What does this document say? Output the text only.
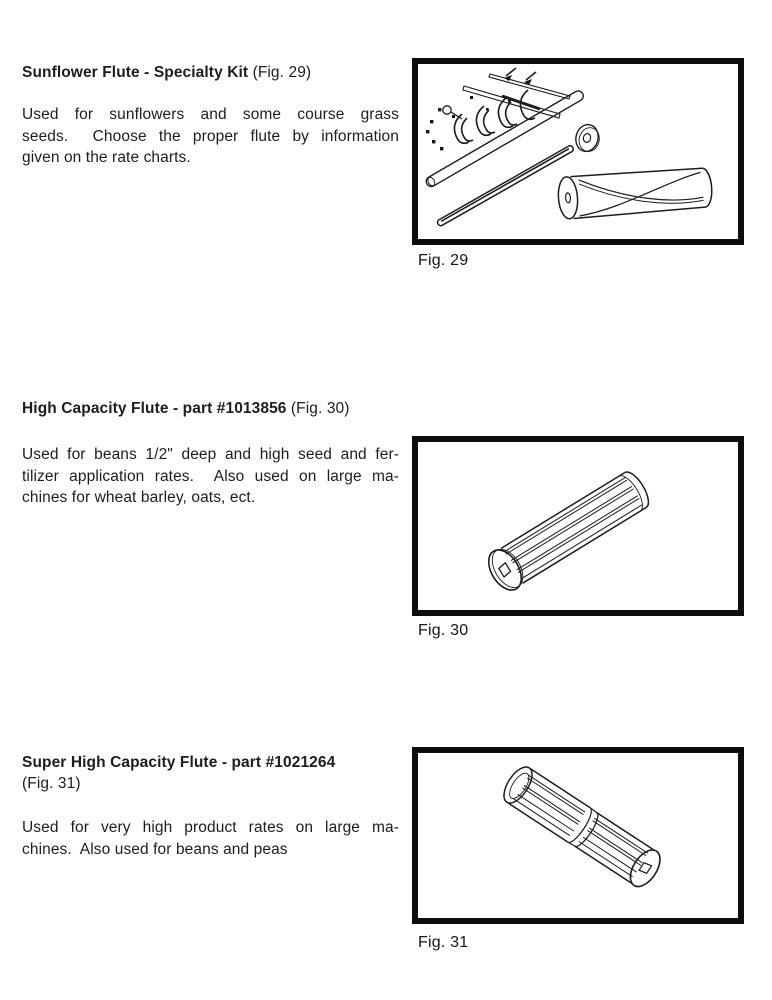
Sunflower Flute - Specialty Kit (Fig. 29)
Used for sunflowers and some course grass
seeds.  Choose the proper flute by information
given on the rate charts.
Fig. 29
High Capacity Flute - part #1013856 (Fig. 30)
Used for beans 1/2" deep and high seed and fer-
tilizer application rates.  Also used on large ma-
chines for wheat barley, oats, ect.
Fig. 30
Super High Capacity Flute - part #1021264
(Fig. 31)
Used for very high product rates on large ma-
chines.  Also used for beans and peas
Fig. 31
